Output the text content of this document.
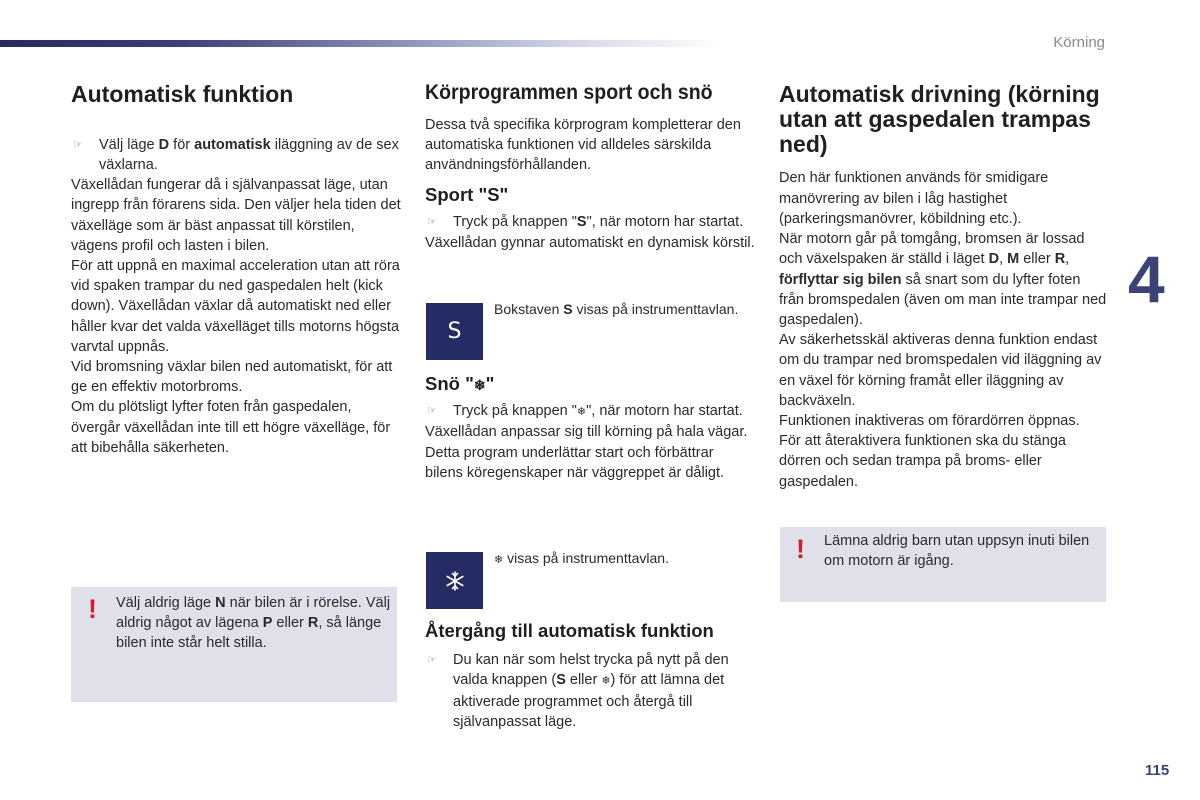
Körning
4
115
Automatisk funktion

☞ Välj läge D för automatisk iläggning av de sex växlarna.

Växellådan fungerar då i självanpassat läge, utan ingrepp från förarens sida. Den väljer hela tiden det växelläge som är bäst anpassat till körstilen, vägens profil och lasten i bilen.

För att uppnå en maximal acceleration utan att röra vid spaken trampar du ned gaspedalen helt (kick down). Växellådan växlar då automatiskt ned eller håller kvar det valda växelläget tills motorns högsta varvtal uppnås.

Vid bromsning växlar bilen ned automatiskt, för att ge en effektiv motorbroms.

Om du plötsligt lyfter foten från gaspedalen, övergår växellådan inte till ett högre växelläge, för att bibehålla säkerheten.

! Välj aldrig läge N när bilen är i rörelse. Välj aldrig något av lägena P eller R, så länge bilen inte står helt stilla.

Körprogrammen sport och snö

Dessa två specifika körprogram kompletterar den automatiska funktionen vid alldeles särskilda användningsförhållanden.

Sport "S"

☞ Tryck på knappen "S", när motorn har startat.

Växellådan gynnar automatiskt en dynamisk körstil.

S
Bokstaven S visas på instrumenttavlan.
Snö "❄"

☞ Tryck på knappen "❄", när motorn har startat.

Växellådan anpassar sig till körning på hala vägar.

Detta program underlättar start och förbättrar bilens köregenskaper när väggreppet är dåligt.

❄ visas på instrumenttavlan.
Återgång till automatisk funktion

☞ Du kan när som helst trycka på nytt på den valda knappen (S eller ❄) för att lämna det aktiverade programmet och återgå till självanpassat läge.

Automatisk drivning (körning utan att gaspedalen trampas ned)

Den här funktionen används för smidigare manövrering av bilen i låg hastighet (parkeringsmanövrer, köbildning etc.).

När motorn går på tomgång, bromsen är lossad och växelspaken är ställd i läget D, M eller R, förflyttar sig bilen så snart som du lyfter foten från bromspedalen (även om man inte trampar ned gaspedalen).

Av säkerhetsskäl aktiveras denna funktion endast om du trampar ned bromspedalen vid iläggning av en växel för körning framåt eller iläggning av backväxeln.

Funktionen inaktiveras om förardörren öppnas.

För att återaktivera funktionen ska du stänga dörren och sedan trampa på broms- eller gaspedalen.

! Lämna aldrig barn utan uppsyn inuti bilen om motorn är igång.
